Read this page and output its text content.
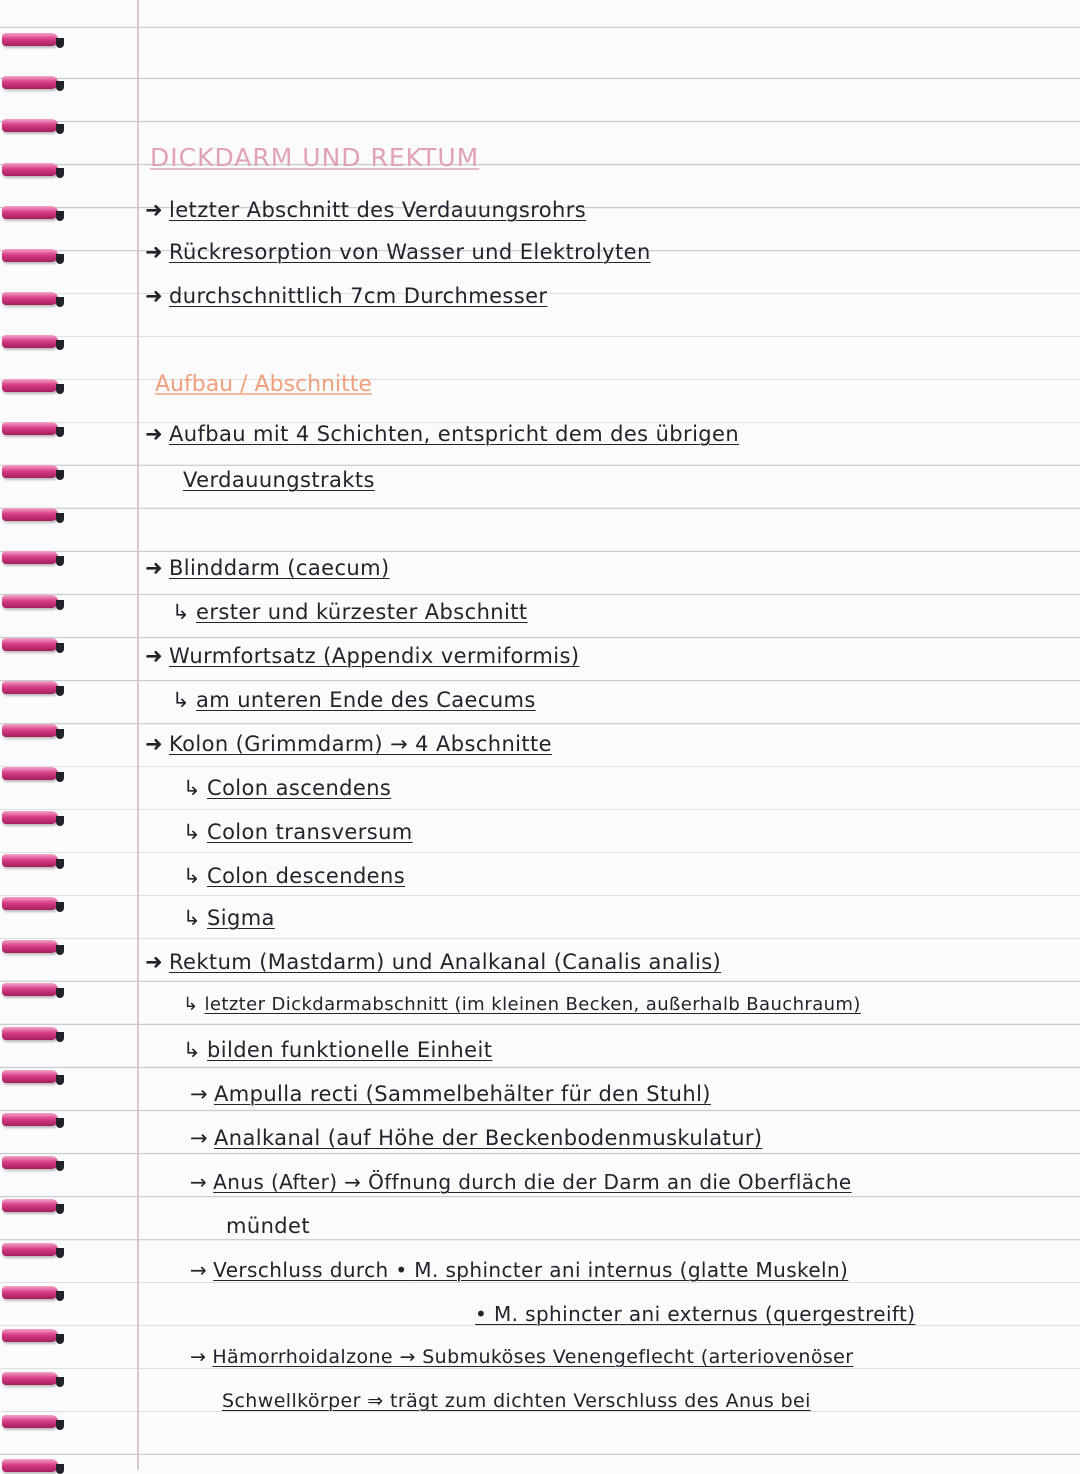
DICKDARM UND REKTUM
➜ letzter Abschnitt des Verdauungsrohrs
➜ Rückresorption von Wasser und Elektrolyten
➜ durchschnittlich 7cm Durchmesser
Aufbau / Abschnitte
➜ Aufbau mit 4 Schichten, entspricht dem des übrigen
Verdauungstrakts
➜ Blinddarm (caecum)
↳ erster und kürzester Abschnitt
➜ Wurmfortsatz (Appendix vermiformis)
↳ am unteren Ende des Caecums
➜ Kolon (Grimmdarm) → 4 Abschnitte
↳ Colon ascendens
↳ Colon transversum
↳ Colon descendens
↳ Sigma
➜ Rektum (Mastdarm) und Analkanal (Canalis analis)
↳ letzter Dickdarmabschnitt (im kleinen Becken, außerhalb Bauchraum)
↳ bilden funktionelle Einheit
→ Ampulla recti (Sammelbehälter für den Stuhl)
→ Analkanal (auf Höhe der Beckenbodenmuskulatur)
→ Anus (After) → Öffnung durch die der Darm an die Oberfläche
mündet
→ Verschluss durch • M. sphincter ani internus (glatte Muskeln)
• M. sphincter ani externus (quergestreift)
→ Hämorrhoidalzone → Submuköses Venengeflecht (arteriovenöser
Schwellkörper ⇒ trägt zum dichten Verschluss des Anus bei
